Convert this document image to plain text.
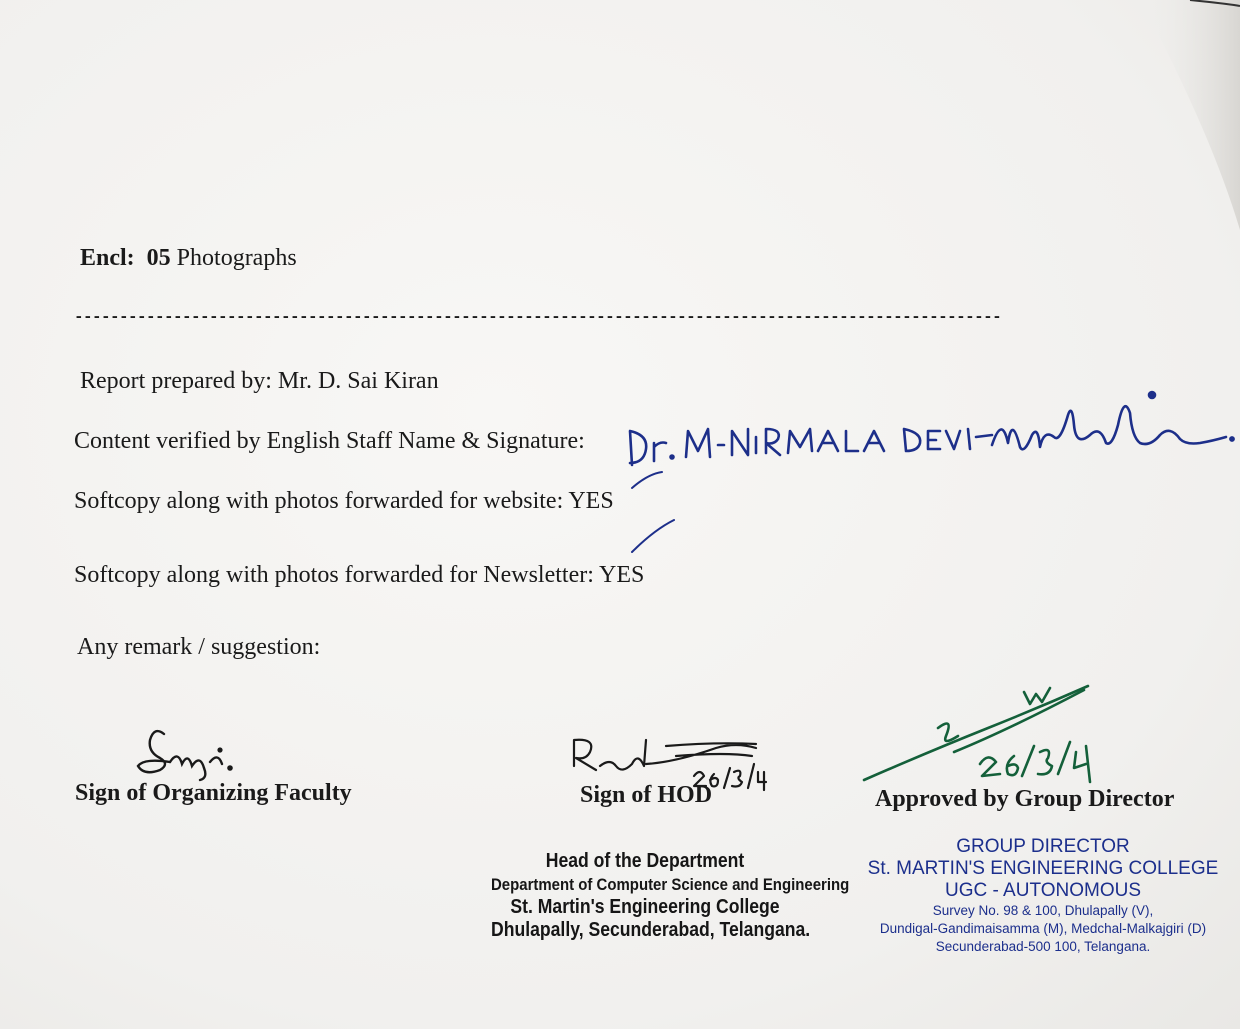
Encl: 05 Photographs
-------------------------------------------------------------------------------------------------------
Report prepared by: Mr. D. Sai Kiran
Content verified by English Staff Name & Signature:
Softcopy along with photos forwarded for website: YES
Softcopy along with photos forwarded for Newsletter: YES
Any remark / suggestion:
Sign of Organizing Faculty	Sign of HOD	Approved by Group Director
Head of the Department
Department of Computer Science and Engineering
St. Martin's Engineering College
Dhulapally, Secunderabad, Telangana.
GROUP DIRECTOR
St. MARTIN'S ENGINEERING COLLEGE
UGC - AUTONOMOUS
Survey No. 98 & 100, Dhulapally (V),
Dundigal-Gandimaisamma (M), Medchal-Malkajgiri (D)
Secunderabad-500 100, Telangana.
